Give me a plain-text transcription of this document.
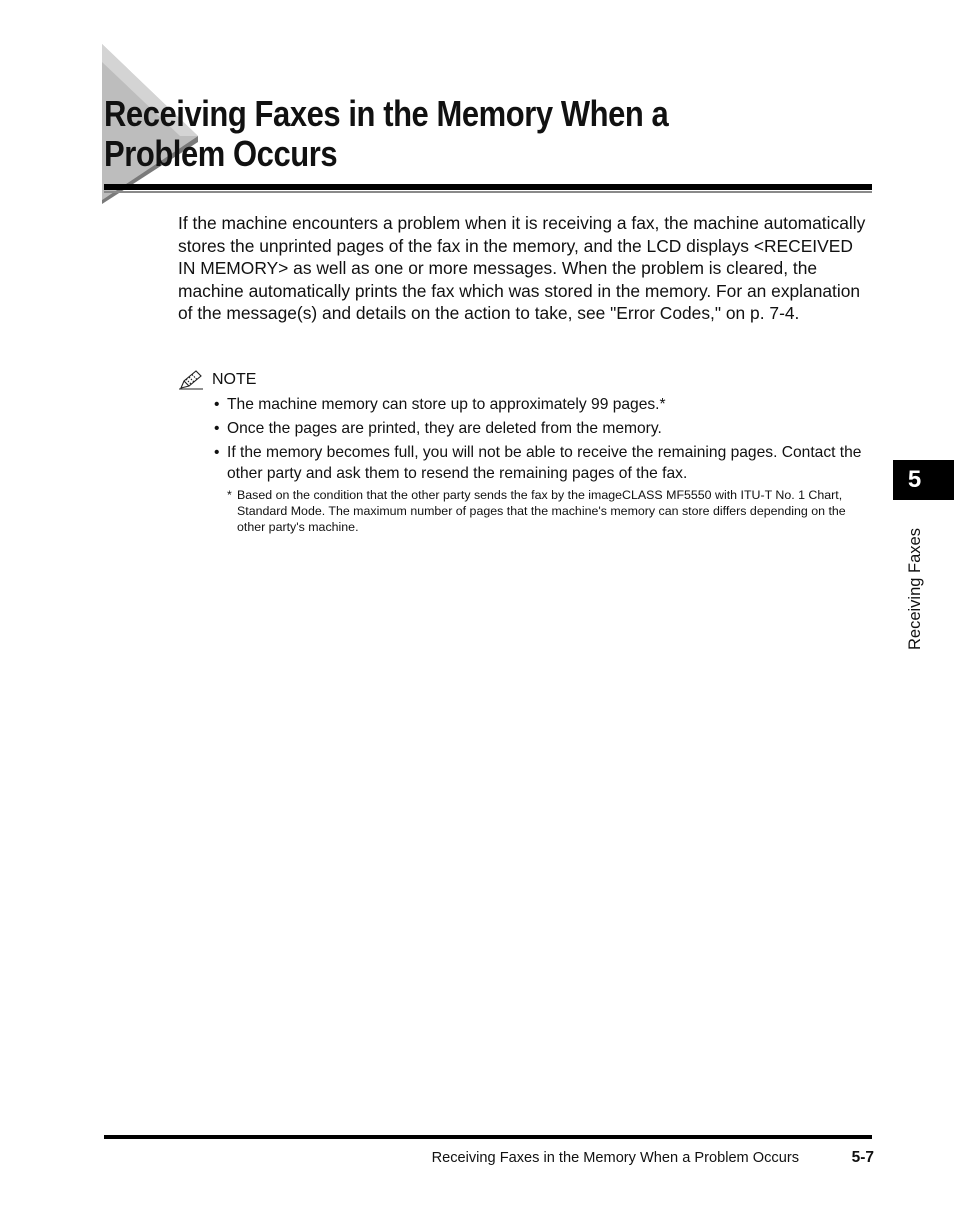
Receiving Faxes in the Memory When a Problem Occurs

If the machine encounters a problem when it is receiving a fax, the machine automatically stores the unprinted pages of the fax in the memory, and the LCD displays <RECEIVED IN MEMORY> as well as one or more messages. When the problem is cleared, the machine automatically prints the fax which was stored in the memory. For an explanation of the message(s) and details on the action to take, see "Error Codes," on p. 7-4.

NOTE
• The machine memory can store up to approximately 99 pages.*
• Once the pages are printed, they are deleted from the memory.
• If the memory becomes full, you will not be able to receive the remaining pages. Contact the other party and ask them to resend the remaining pages of the fax.

* Based on the condition that the other party sends the fax by the imageCLASS MF5550 with ITU-T No. 1 Chart, Standard Mode. The maximum number of pages that the machine's memory can store differs depending on the other party's machine.

5
Receiving Faxes
Receiving Faxes in the Memory When a Problem Occurs	5-7
